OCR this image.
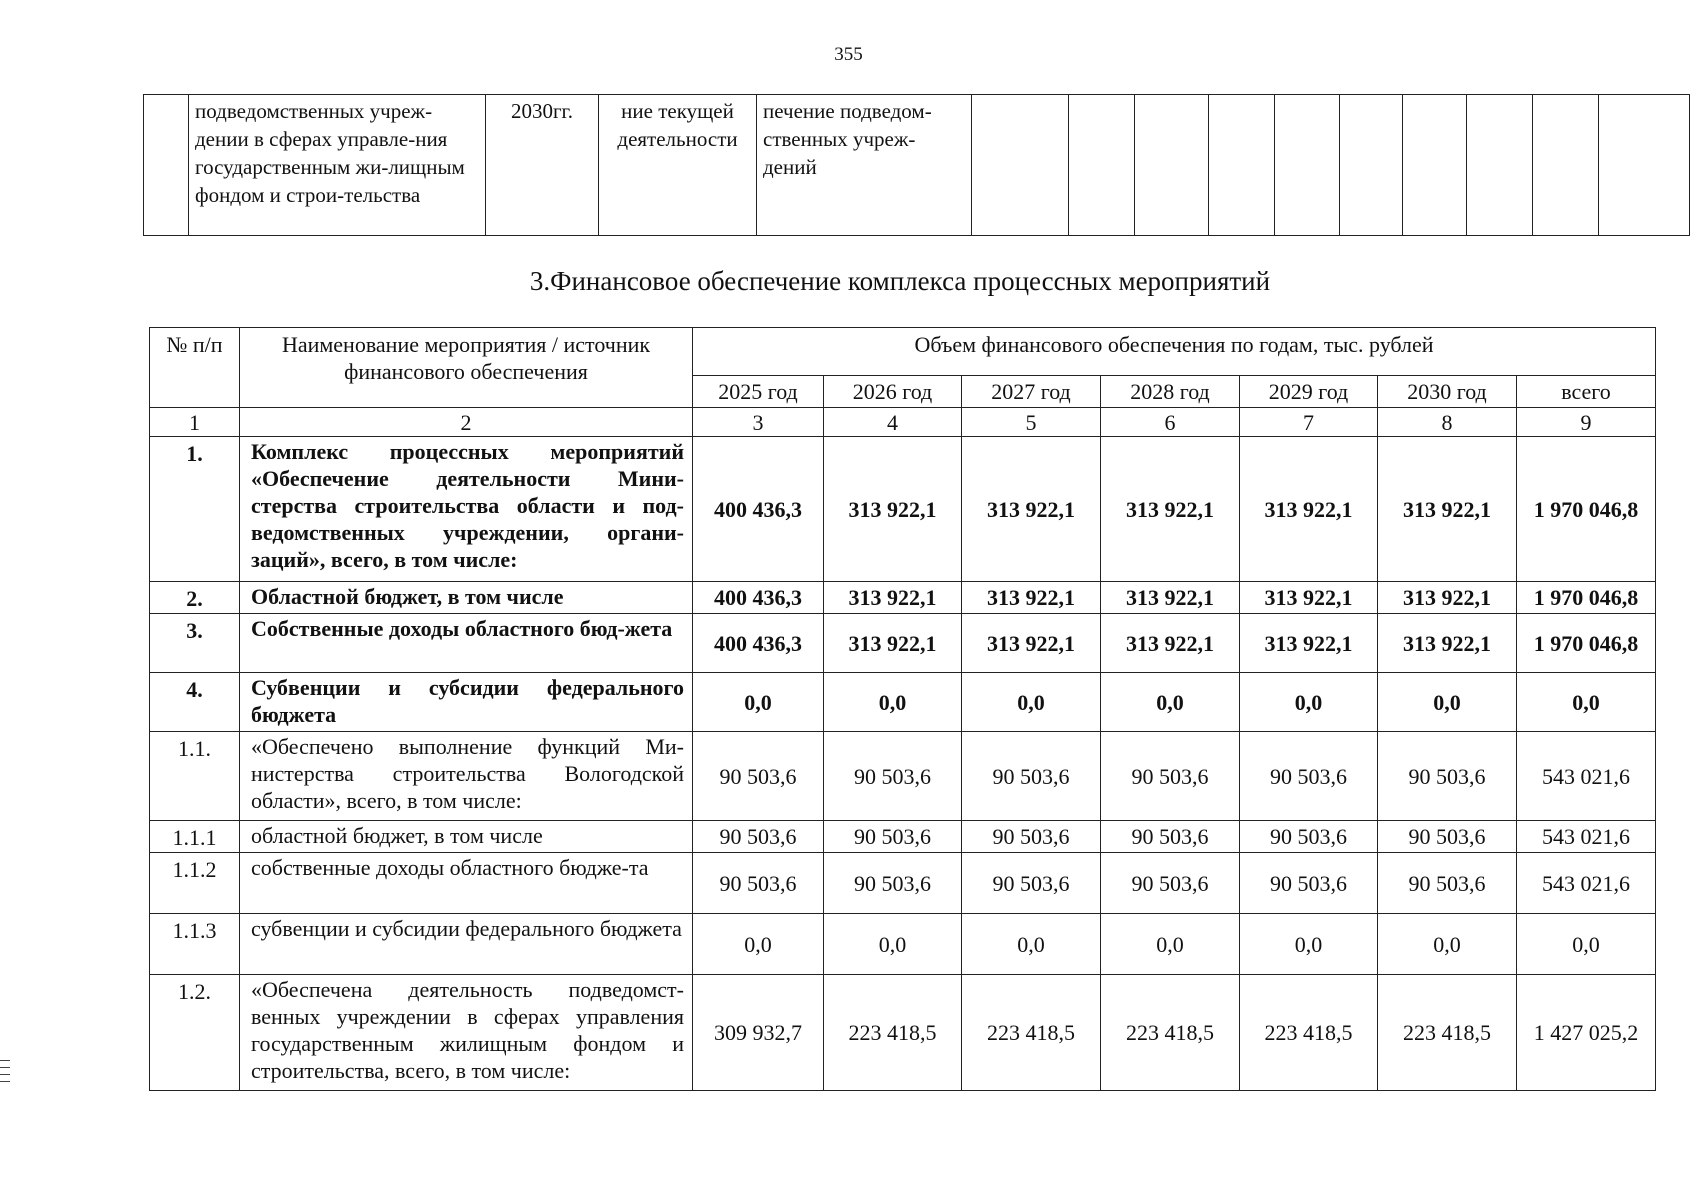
355
	подведомственных учреж-дении в сферах управле-ния государственным жи-лищным фондом и строи-тельства	2030гг.	ние текущей деятельности	печение подведом-ственных учреж-дений										
3.Финансовое обеспечение комплекса процессных мероприятий
№ п/п	Наименование мероприятия / источник финансового обеспечения	Объем финансового обеспечения по годам, тыс. рублей						
		2025 год	2026 год	2027 год	2028 год	2029 год	2030 год	всего
1	2	3	4	5	6	7	8	9
1.	Комплекс процессных мероприятий «Обеспечение деятельности Мини-стерства строительства области и под-ведомственных учреждении, органи-заций», всего, в том числе:	400 436,3	313 922,1	313 922,1	313 922,1	313 922,1	313 922,1	1 970 046,8
2.	Областной бюджет, в том числе	400 436,3	313 922,1	313 922,1	313 922,1	313 922,1	313 922,1	1 970 046,8
3.	Собственные доходы областного бюд-жета	400 436,3	313 922,1	313 922,1	313 922,1	313 922,1	313 922,1	1 970 046,8
4.	Субвенции и субсидии федерального бюджета	0,0	0,0	0,0	0,0	0,0	0,0	0,0
1.1.	«Обеспечено выполнение функций Ми-нистерства строительства Вологодской области», всего, в том числе:	90 503,6	90 503,6	90 503,6	90 503,6	90 503,6	90 503,6	543 021,6
1.1.1	областной бюджет, в том числе	90 503,6	90 503,6	90 503,6	90 503,6	90 503,6	90 503,6	543 021,6
1.1.2	собственные доходы областного бюдже-та	90 503,6	90 503,6	90 503,6	90 503,6	90 503,6	90 503,6	543 021,6
1.1.3	субвенции и субсидии федерального бюджета	0,0	0,0	0,0	0,0	0,0	0,0	0,0
1.2.	«Обеспечена деятельность подведомст-венных учреждении в сферах управления государственным жилищным фондом и строительства, всего, в том числе:	309 932,7	223 418,5	223 418,5	223 418,5	223 418,5	223 418,5	1 427 025,2
